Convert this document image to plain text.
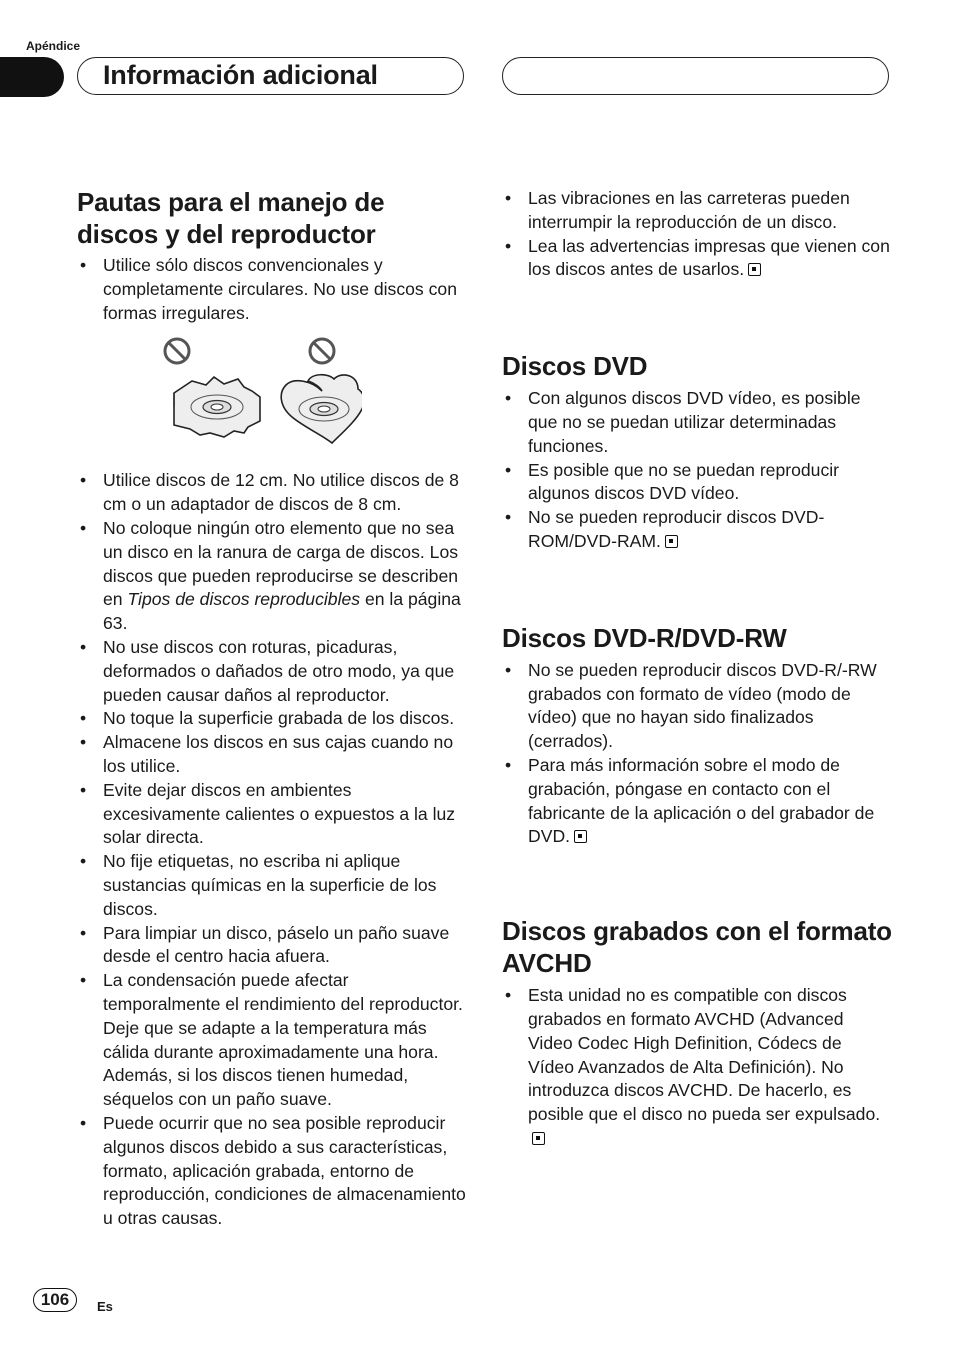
Apéndice
Información adicional
Pautas para el manejo de discos y del reproductor
• Utilice sólo discos convencionales y completamente circulares. No use discos con formas irregulares.
• Utilice discos de 12 cm. No utilice discos de 8 cm o un adaptador de discos de 8 cm.
• No coloque ningún otro elemento que no sea un disco en la ranura de carga de discos. Los discos que pueden reproducirse se describen en Tipos de discos reproducibles en la página 63.
• No use discos con roturas, picaduras, deformados o dañados de otro modo, ya que pueden causar daños al reproductor.
• No toque la superficie grabada de los discos.
• Almacene los discos en sus cajas cuando no los utilice.
• Evite dejar discos en ambientes excesivamente calientes o expuestos a la luz solar directa.
• No fije etiquetas, no escriba ni aplique sustancias químicas en la superficie de los discos.
• Para limpiar un disco, páselo un paño suave desde el centro hacia afuera.
• La condensación puede afectar temporalmente el rendimiento del reproductor. Deje que se adapte a la temperatura más cálida durante aproximadamente una hora. Además, si los discos tienen humedad, séquelos con un paño suave.
• Puede ocurrir que no sea posible reproducir algunos discos debido a sus características, formato, aplicación grabada, entorno de reproducción, condiciones de almacenamiento u otras causas.
• Las vibraciones en las carreteras pueden interrumpir la reproducción de un disco.
• Lea las advertencias impresas que vienen con los discos antes de usarlos.
Discos DVD
• Con algunos discos DVD vídeo, es posible que no se puedan utilizar determinadas funciones.
• Es posible que no se puedan reproducir algunos discos DVD vídeo.
• No se pueden reproducir discos DVD-ROM/DVD-RAM.
Discos DVD-R/DVD-RW
• No se pueden reproducir discos DVD-R/-RW grabados con formato de vídeo (modo de vídeo) que no hayan sido finalizados (cerrados).
• Para más información sobre el modo de grabación, póngase en contacto con el fabricante de la aplicación o del grabador de DVD.
Discos grabados con el formato AVCHD
• Esta unidad no es compatible con discos grabados en formato AVCHD (Advanced Video Codec High Definition, Códecs de Vídeo Avanzados de Alta Definición). No introduzca discos AVCHD. De hacerlo, es posible que el disco no pueda ser expulsado.
106	Es
